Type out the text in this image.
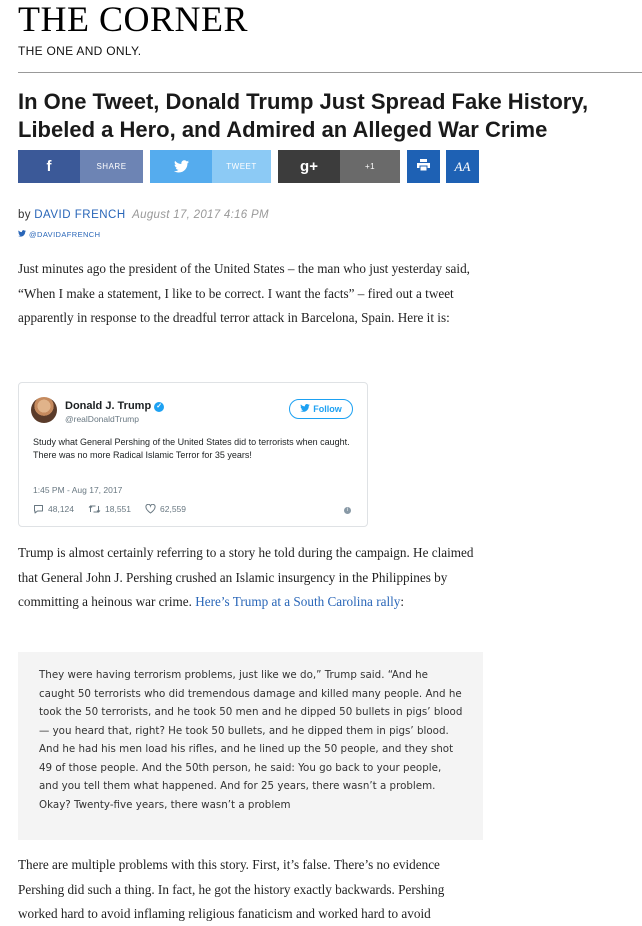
THE CORNER
THE ONE AND ONLY.
In One Tweet, Donald Trump Just Spread Fake History, Libeled a Hero, and Admired an Alleged War Crime
f	SHARE	TWEET	g+	+1	AA
by DAVID FRENCH August 17, 2017 4:16 PM
@DAVIDAFRENCH

Just minutes ago the president of the United States – the man who just yesterday said, “When I make a statement, I like to be correct. I want the facts” – fired out a tweet apparently in response to the dreadful terror attack in Barcelona, Spain. Here it is:

Donald J. Trump ✓
@realDonaldTrump
Follow
Study what General Pershing of the United States did to terrorists when caught. There was no more Radical Islamic Terror for 35 years!
1:45 PM - Aug 17, 2017
48,124	18,551	62,559	i

Trump is almost certainly referring to a story he told during the campaign. He claimed that General John J. Pershing crushed an Islamic insurgency in the Philippines by committing a heinous war crime. Here’s Trump at a South Carolina rally:

They were having terrorism problems, just like we do,” Trump said. “And he caught 50 terrorists who did tremendous damage and killed many people. And he took the 50 terrorists, and he took 50 men and he dipped 50 bullets in pigs’ blood — you heard that, right? He took 50 bullets, and he dipped them in pigs’ blood. And he had his men load his rifles, and he lined up the 50 people, and they shot 49 of those people. And the 50th person, he said: You go back to your people, and you tell them what happened. And for 25 years, there wasn’t a problem. Okay? Twenty-five years, there wasn’t a problem

There are multiple problems with this story. First, it’s false. There’s no evidence Pershing did such a thing. In fact, he got the history exactly backwards. Pershing worked hard to avoid inflaming religious fanaticism and worked hard to avoid
